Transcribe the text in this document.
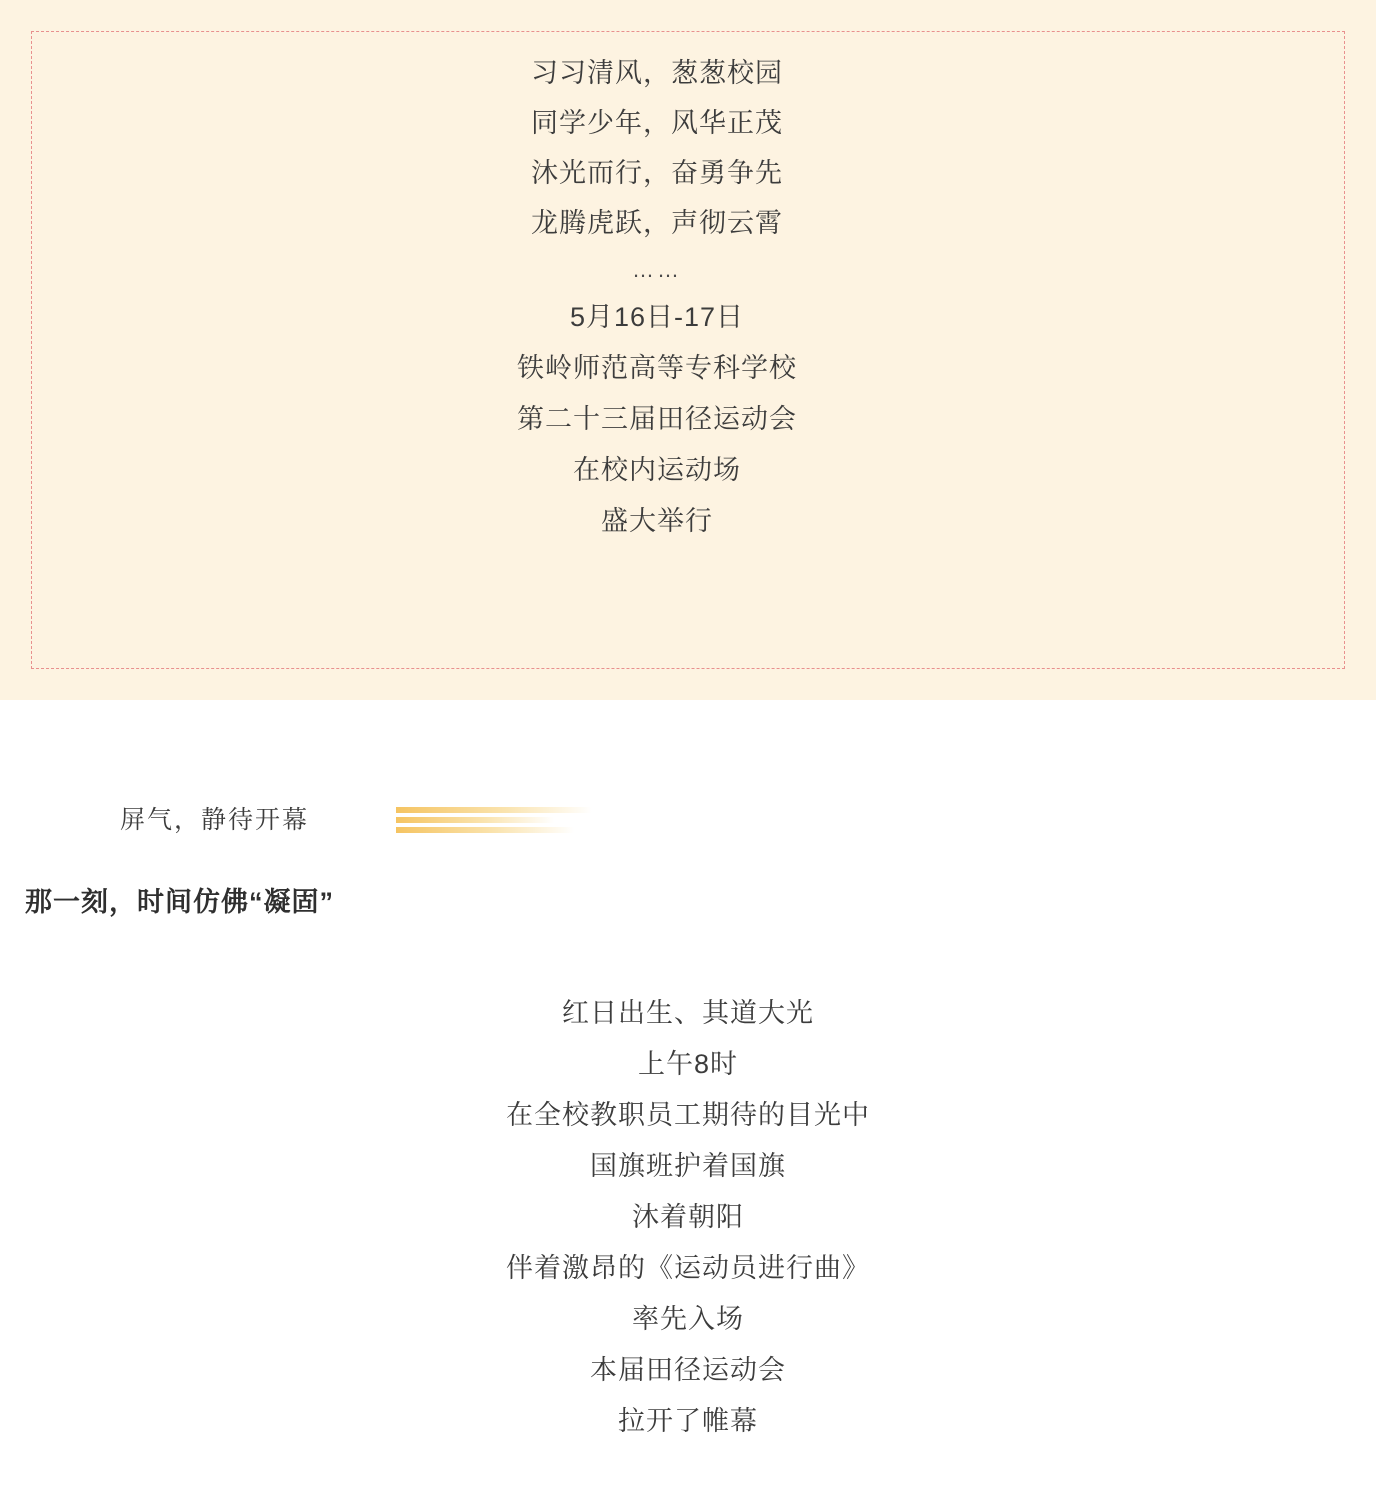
习习清风，葱葱校园
同学少年，风华正茂
沐光而行，奋勇争先
龙腾虎跃，声彻云霄
……
5月16日-17日
铁岭师范高等专科学校
第二十三届田径运动会
在校内运动场
盛大举行
屏气，静待开幕
那一刻，时间仿佛“凝固”
红日出生、其道大光
上午8时
在全校教职员工期待的目光中
国旗班护着国旗
沐着朝阳
伴着激昂的《运动员进行曲》
率先入场
本届田径运动会
拉开了帷幕
